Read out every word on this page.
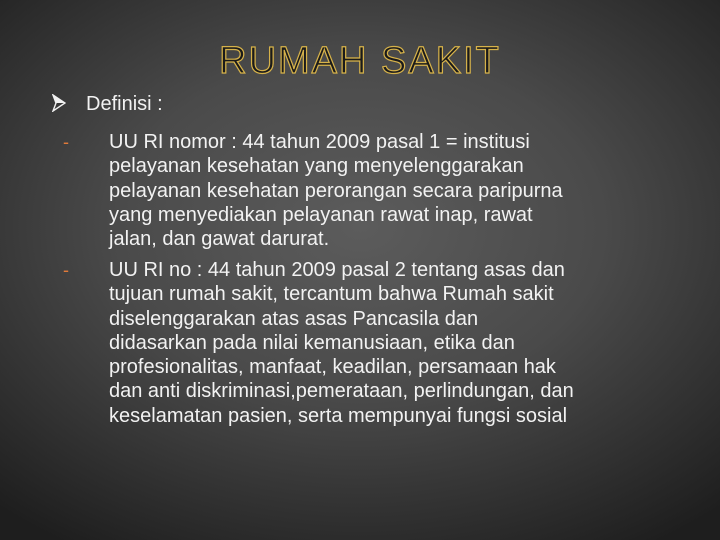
RUMAH SAKIT
Definisi :
- UU RI nomor : 44 tahun 2009 pasal 1 = institusi
pelayanan kesehatan yang menyelenggarakan
pelayanan kesehatan perorangan secara paripurna
yang menyediakan pelayanan rawat inap, rawat
jalan, dan gawat darurat.
- UU RI no : 44 tahun 2009 pasal 2 tentang asas dan
tujuan rumah sakit, tercantum bahwa Rumah sakit
diselenggarakan atas asas Pancasila dan
didasarkan pada nilai kemanusiaan, etika dan
profesionalitas, manfaat, keadilan, persamaan hak
dan anti diskriminasi,pemerataan, perlindungan, dan
keselamatan pasien, serta mempunyai fungsi sosial
